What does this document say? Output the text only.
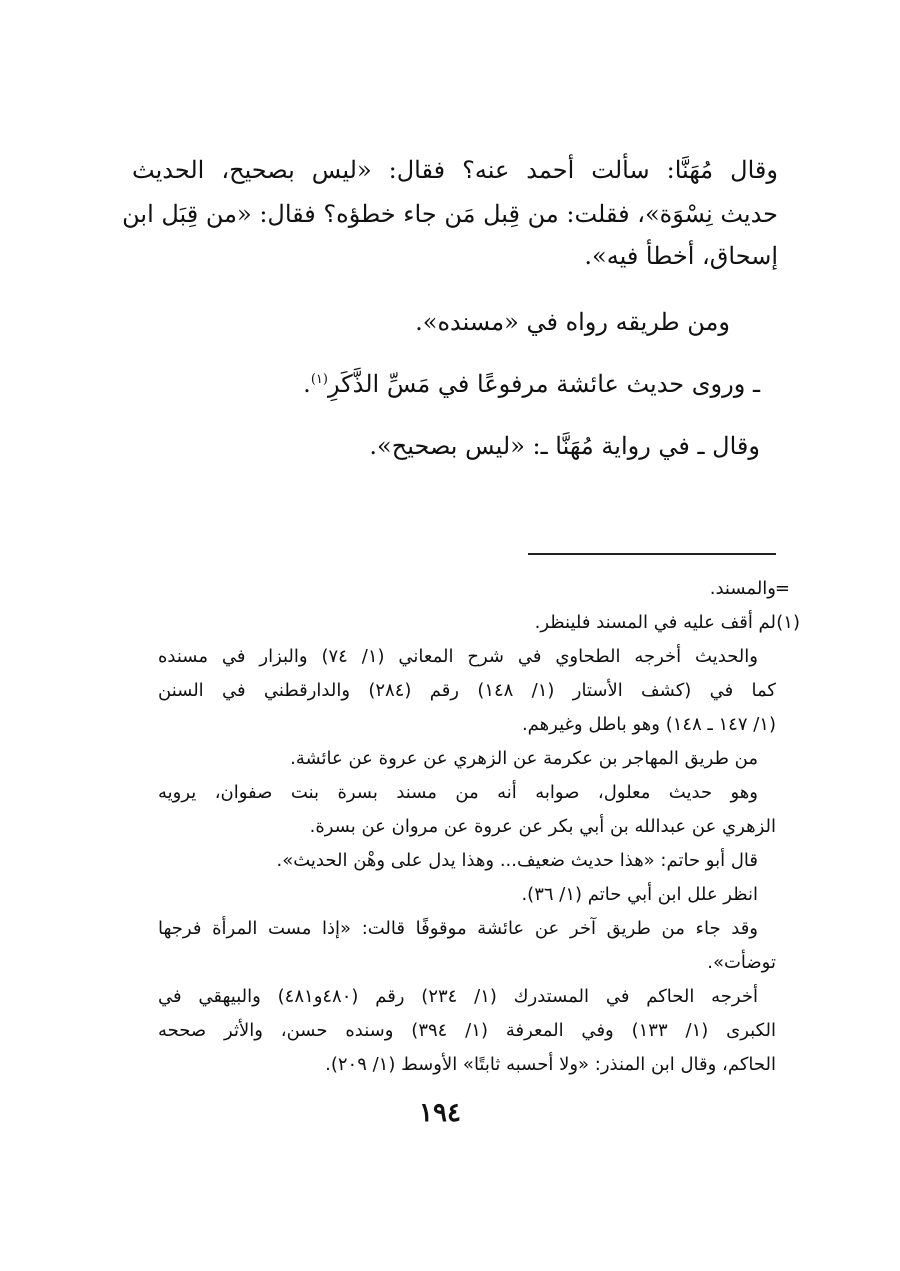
وقال مُهَنَّا: سألت أحمد عنه؟ فقال: «ليس بصحيح، الحديث
حديث نِسْوَة»، فقلت: من قِبل مَن جاء خطؤه؟ فقال: «من قِبَل ابن
إسحاق، أخطأ فيه».
ومن طريقه رواه في «مسنده».
ـ وروى حديث عائشة مرفوعًا في مَسِّ الذَّكَرِ$^{(١)}$.
وقال ـ في رواية مُهَنَّا ـ: «ليس بصحيح».
=
والمسند.
(١)
لم أقف عليه في المسند فلينظر.
والحديث أخرجه الطحاوي في شرح المعاني (١/ ٧٤) والبزار في مسنده
كما في (كشف الأستار (١/ ١٤٨) رقم (٢٨٤) والدارقطني في السنن
(١/ ١٤٧ ـ ١٤٨) وهو باطل وغيرهم.
من طريق المهاجر بن عكرمة عن الزهري عن عروة عن عائشة.
وهو حديث معلول، صوابه أنه من مسند بسرة بنت صفوان، يرويه
الزهري عن عبدالله بن أبي بكر عن عروة عن مروان عن بسرة.
قال أبو حاتم: «هذا حديث ضعيف... وهذا يدل على وهْن الحديث».
انظر علل ابن أبي حاتم (١/ ٣٦).
وقد جاء من طريق آخر عن عائشة موقوفًا قالت: «إذا مست المرأة فرجها
توضأت».
أخرجه الحاكم في المستدرك (١/ ٢٣٤) رقم (٤٨٠و٤٨١) والبيهقي في
الكبرى (١/ ١٣٣) وفي المعرفة (١/ ٣٩٤) وسنده حسن، والأثر صححه
الحاكم، وقال ابن المنذر: «ولا أحسبه ثابتًا» الأوسط (١/ ٢٠٩).
١٩٤
